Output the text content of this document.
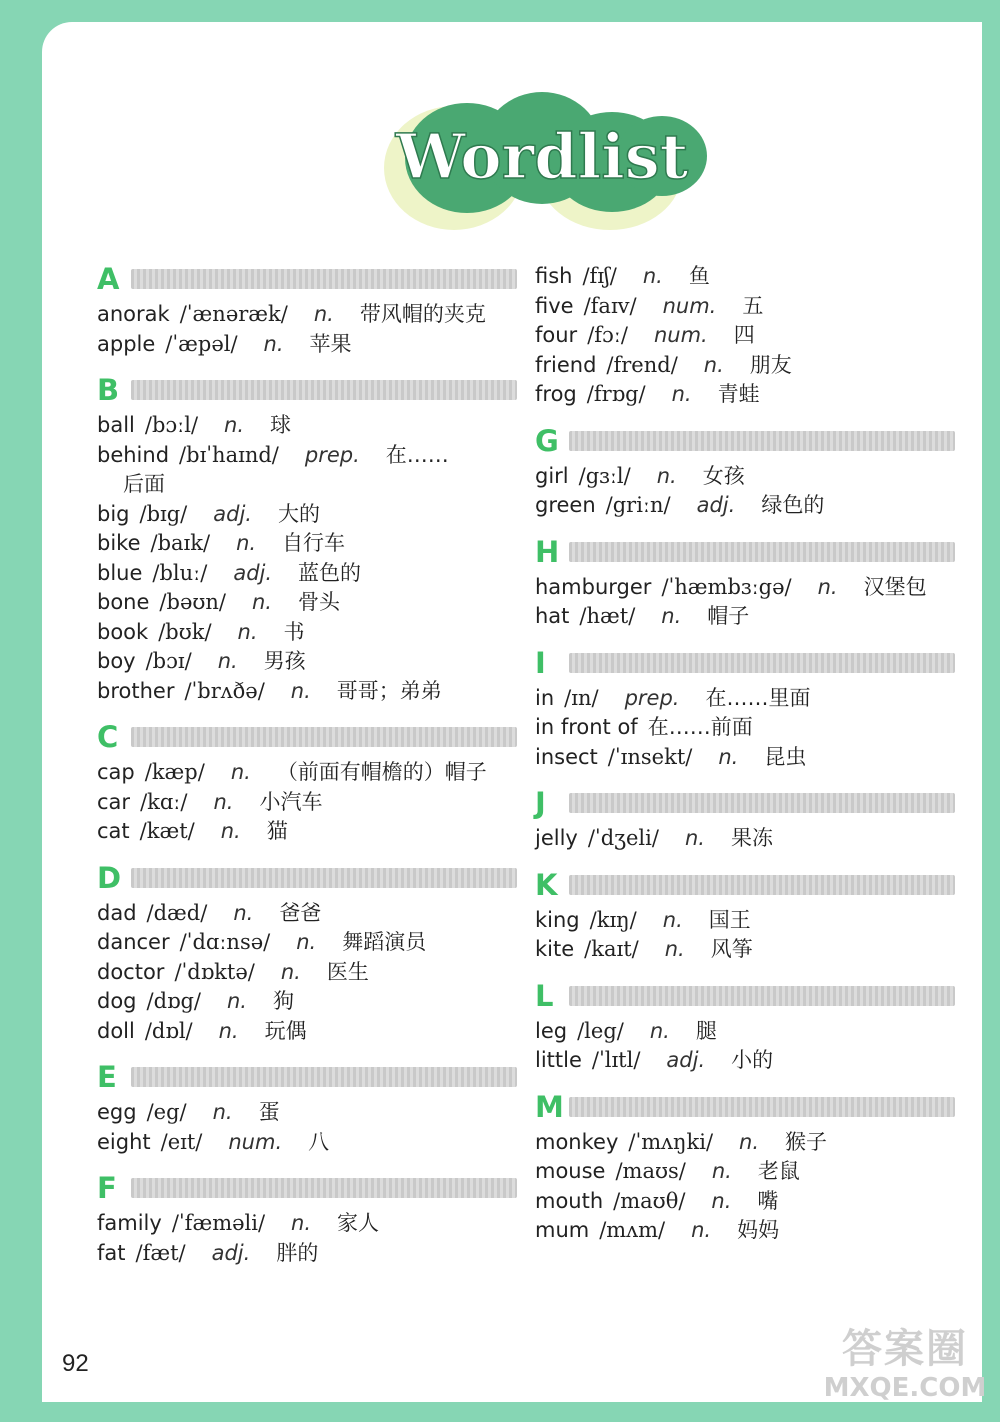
Wordlist
A
anorak /ˈænəræk/ n. 带风帽的夹克
apple /ˈæpəl/ n. 苹果
B
ball /bɔːl/ n. 球
behind /bɪˈhaɪnd/ prep. 在……
后面
big /bɪg/ adj. 大的
bike /baɪk/ n. 自行车
blue /bluː/ adj. 蓝色的
bone /bəʊn/ n. 骨头
book /bʊk/ n. 书
boy /bɔɪ/ n. 男孩
brother /ˈbrʌðə/ n. 哥哥；弟弟
C
cap /kæp/ n. （前面有帽檐的）帽子
car /kɑː/ n. 小汽车
cat /kæt/ n. 猫
D
dad /dæd/ n. 爸爸
dancer /ˈdɑːnsə/ n. 舞蹈演员
doctor /ˈdɒktə/ n. 医生
dog /dɒg/ n. 狗
doll /dɒl/ n. 玩偶
E
egg /eg/ n. 蛋
eight /eɪt/ num. 八
F
family /ˈfæməli/ n. 家人
fat /fæt/ adj. 胖的
fish /fɪʃ/ n. 鱼
five /faɪv/ num. 五
four /fɔː/ num. 四
friend /frend/ n. 朋友
frog /frɒg/ n. 青蛙
G
girl /gɜːl/ n. 女孩
green /griːn/ adj. 绿色的
H
hamburger /ˈhæmbɜːgə/ n. 汉堡包
hat /hæt/ n. 帽子
I
in /ɪn/ prep. 在……里面
in front of 在……前面
insect /ˈɪnsekt/ n. 昆虫
J
jelly /ˈdʒeli/ n. 果冻
K
king /kɪŋ/ n. 国王
kite /kaɪt/ n. 风筝
L
leg /leg/ n. 腿
little /ˈlɪtl/ adj. 小的
M
monkey /ˈmʌŋki/ n. 猴子
mouse /maʊs/ n. 老鼠
mouth /maʊθ/ n. 嘴
mum /mʌm/ n. 妈妈
92	答案圈
MXQE.COM
